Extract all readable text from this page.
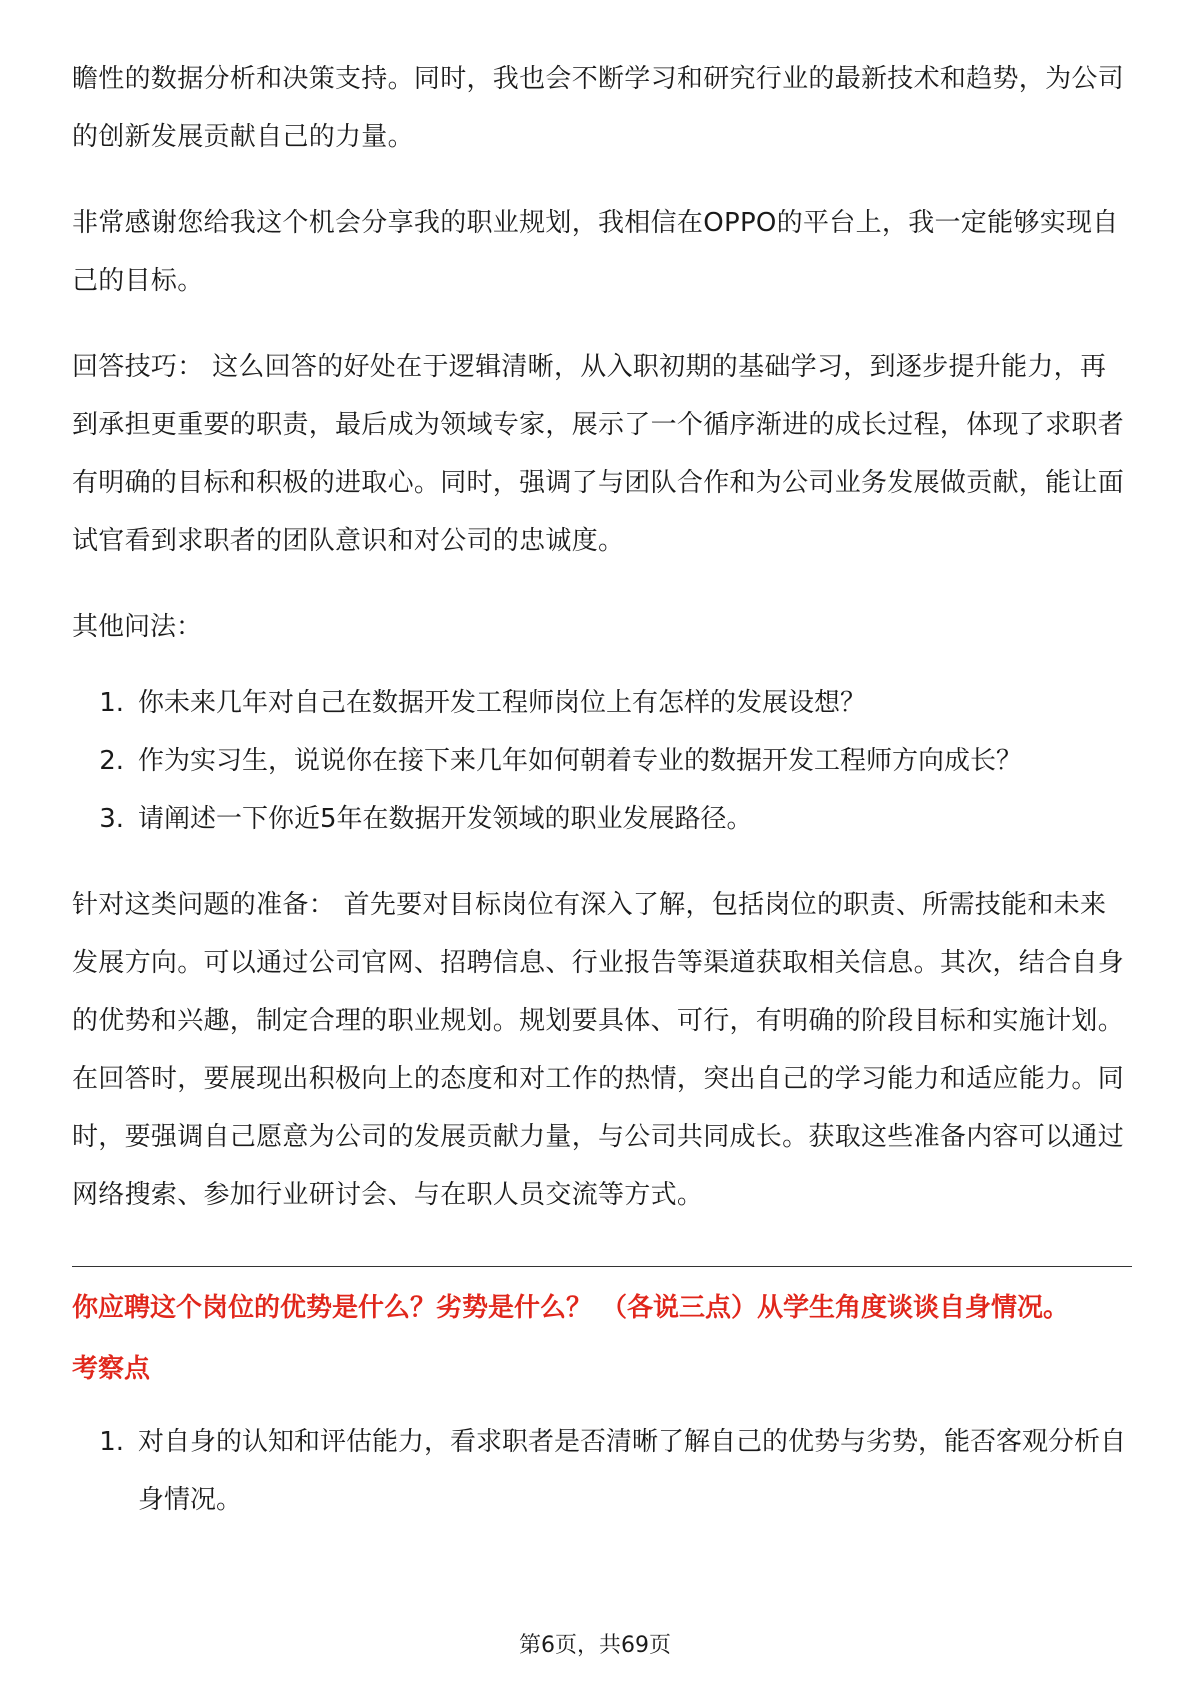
瞻性的数据分析和决策支持。同时，我也会不断学习和研究行业的最新技术和趋势，为公司的创新发展贡献自己的力量。

非常感谢您给我这个机会分享我的职业规划，我相信在OPPO的平台上，我一定能够实现自己的目标。

回答技巧： 这么回答的好处在于逻辑清晰，从入职初期的基础学习，到逐步提升能力，再到承担更重要的职责，最后成为领域专家，展示了一个循序渐进的成长过程，体现了求职者有明确的目标和积极的进取心。同时，强调了与团队合作和为公司业务发展做贡献，能让面试官看到求职者的团队意识和对公司的忠诚度。

其他问法：

1. 你未来几年对自己在数据开发工程师岗位上有怎样的发展设想？
2. 作为实习生，说说你在接下来几年如何朝着专业的数据开发工程师方向成长？
3. 请阐述一下你近5年在数据开发领域的职业发展路径。

针对这类问题的准备： 首先要对目标岗位有深入了解，包括岗位的职责、所需技能和未来发展方向。可以通过公司官网、招聘信息、行业报告等渠道获取相关信息。其次，结合自身的优势和兴趣，制定合理的职业规划。规划要具体、可行，有明确的阶段目标和实施计划。 在回答时，要展现出积极向上的态度和对工作的热情，突出自己的学习能力和适应能力。同时，要强调自己愿意为公司的发展贡献力量，与公司共同成长。获取这些准备内容可以通过网络搜索、参加行业研讨会、与在职人员交流等方式。

你应聘这个岗位的优势是什么？劣势是什么？ （各说三点）从学生角度谈谈自身情况。

考察点

1. 对自身的认知和评估能力，看求职者是否清晰了解自己的优势与劣势，能否客观分析自身情况。
第6页，共69页
